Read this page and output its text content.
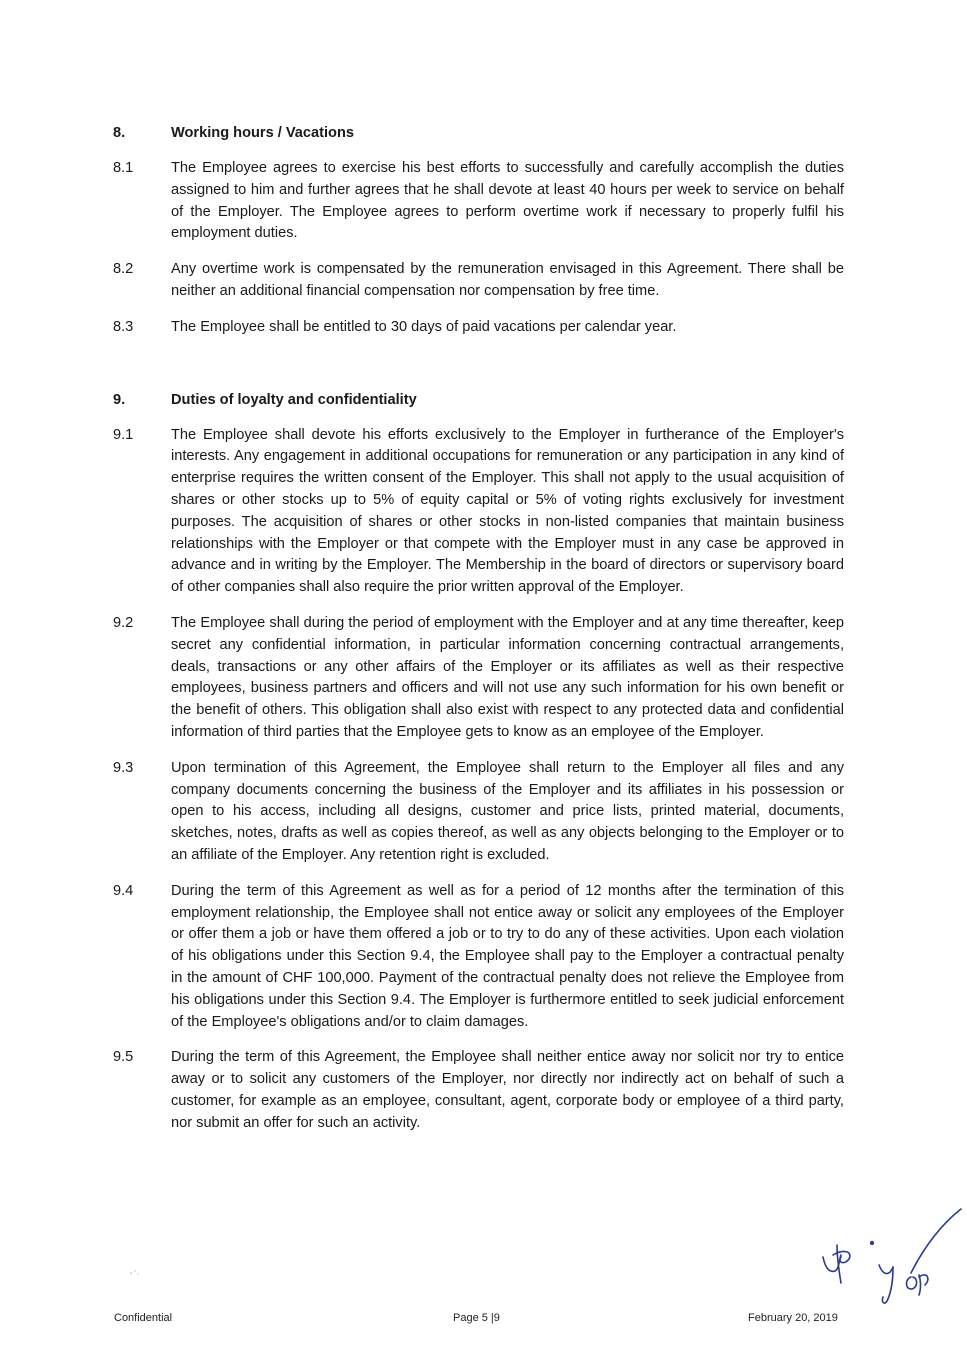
8.	Working hours / Vacations
8.1	The Employee agrees to exercise his best efforts to successfully and carefully accomplish the duties assigned to him and further agrees that he shall devote at least 40 hours per week to service on behalf of the Employer. The Employee agrees to perform overtime work if necessary to properly fulfil his employment duties.
8.2	Any overtime work is compensated by the remuneration envisaged in this Agreement. There shall be neither an additional financial compensation nor compensation by free time.
8.3	The Employee shall be entitled to 30 days of paid vacations per calendar year.
9.	Duties of loyalty and confidentiality
9.1	The Employee shall devote his efforts exclusively to the Employer in furtherance of the Employer's interests. Any engagement in additional occupations for remuneration or any participation in any kind of enterprise requires the written consent of the Employer. This shall not apply to the usual acquisition of shares or other stocks up to 5% of equity capital or 5% of voting rights exclusively for investment purposes. The acquisition of shares or other stocks in non-listed companies that maintain business relationships with the Employer or that compete with the Employer must in any case be approved in advance and in writing by the Employer. The Membership in the board of directors or supervisory board of other companies shall also require the prior written approval of the Employer.
9.2	The Employee shall during the period of employment with the Employer and at any time thereafter, keep secret any confidential information, in particular information concerning contractual arrangements, deals, transactions or any other affairs of the Employer or its affiliates as well as their respective employees, business partners and officers and will not use any such information for his own benefit or the benefit of others. This obligation shall also exist with respect to any protected data and confidential information of third parties that the Employee gets to know as an employee of the Employer.
9.3	Upon termination of this Agreement, the Employee shall return to the Employer all files and any company documents concerning the business of the Employer and its affiliates in his possession or open to his access, including all designs, customer and price lists, printed material, documents, sketches, notes, drafts as well as copies thereof, as well as any objects belonging to the Employer or to an affiliate of the Employer. Any retention right is excluded.
9.4	During the term of this Agreement as well as for a period of 12 months after the termination of this employment relationship, the Employee shall not entice away or solicit any employees of the Employer or offer them a job or have them offered a job or to try to do any of these activities. Upon each violation of his obligations under this Section 9.4, the Employee shall pay to the Employer a contractual penalty in the amount of CHF 100,000. Payment of the contractual penalty does not relieve the Employee from his obligations under this Section 9.4. The Employer is furthermore entitled to seek judicial enforcement of the Employee's obligations and/or to claim damages.
9.5	During the term of this Agreement, the Employee shall neither entice away nor solicit nor try to entice away or to solicit any customers of the Employer, nor directly nor indirectly act on behalf of such a customer, for example as an employee, consultant, agent, corporate body or employee of a third party, nor submit an offer for such an activity.
Confidential	Page 5 |9	February 20, 2019
